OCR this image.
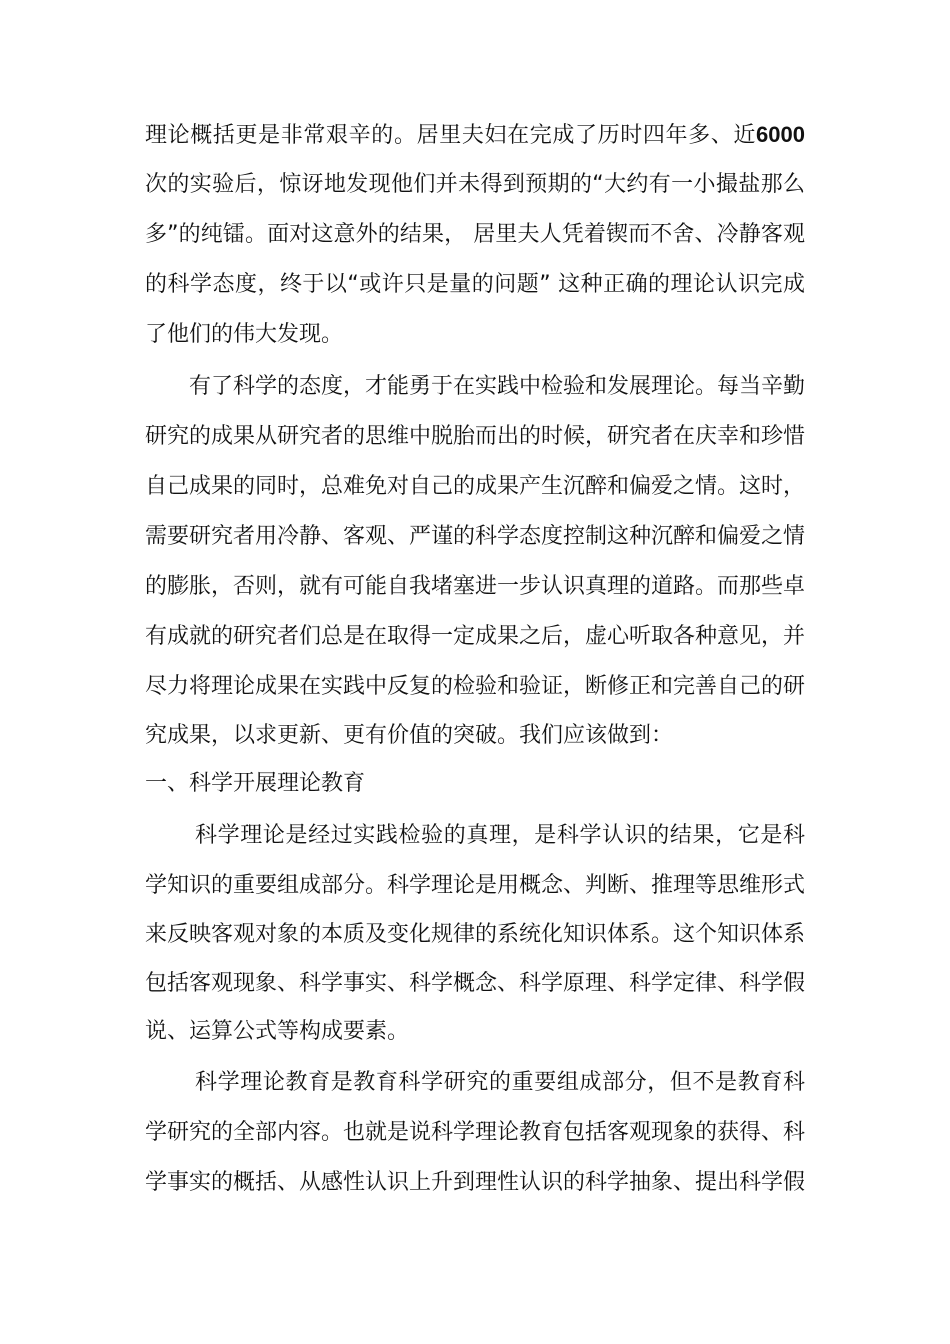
理论概括更是非常艰辛的。居里夫妇在完成了历时四年多、近6000
次的实验后，惊讶地发现他们并未得到预期的“大约有一小撮盐那么
多”的纯镭。面对这意外的结果， 居里夫人凭着锲而不舍、冷静客观
的科学态度，终于以“或许只是量的问题” 这种正确的理论认识完成
了他们的伟大发现。
有了科学的态度，才能勇于在实践中检验和发展理论。每当辛勤
研究的成果从研究者的思维中脱胎而出的时候，研究者在庆幸和珍惜
自己成果的同时，总难免对自己的成果产生沉醉和偏爱之情。这时，
需要研究者用冷静、客观、严谨的科学态度控制这种沉醉和偏爱之情
的膨胀，否则，就有可能自我堵塞进一步认识真理的道路。而那些卓
有成就的研究者们总是在取得一定成果之后，虚心听取各种意见，并
尽力将理论成果在实践中反复的检验和验证，断修正和完善自己的研
究成果，以求更新、更有价值的突破。我们应该做到：
一、科学开展理论教育
科学理论是经过实践检验的真理，是科学认识的结果，它是科
学知识的重要组成部分。科学理论是用概念、判断、推理等思维形式
来反映客观对象的本质及变化规律的系统化知识体系。这个知识体系
包括客观现象、科学事实、科学概念、科学原理、科学定律、科学假
说、运算公式等构成要素。
科学理论教育是教育科学研究的重要组成部分，但不是教育科
学研究的全部内容。也就是说科学理论教育包括客观现象的获得、科
学事实的概括、从感性认识上升到理性认识的科学抽象、提出科学假
